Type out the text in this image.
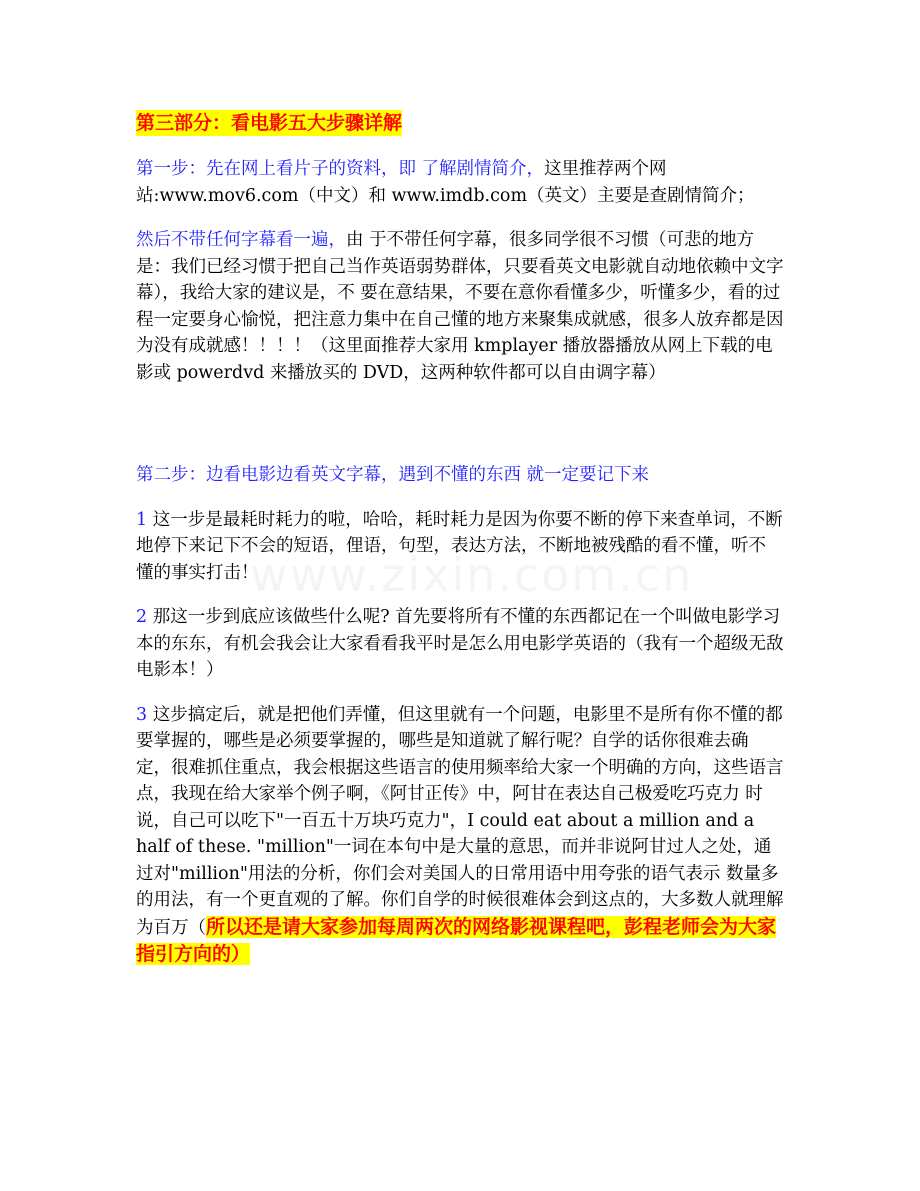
第三部分：看电影五大步骤详解

第一步：先在网上看片子的资料，即 了解剧情简介，这里推荐两个网站:www.mov6.com（中文）和 www.imdb.com（英文）主要是查剧情简介；

然后不带任何字幕看一遍，由 于不带任何字幕，很多同学很不习惯（可悲的地方是：我们已经习惯于把自己当作英语弱势群体，只要看英文电影就自动地依赖中文字幕），我给大家的建议是，不 要在意结果，不要在意你看懂多少，听懂多少，看的过程一定要身心愉悦，把注意力集中在自己懂的地方来聚集成就感，很多人放弃都是因为没有成就感！！！！（这里面推荐大家用 kmplayer 播放器播放从网上下载的电影或 powerdvd 来播放买的 DVD，这两种软件都可以自由调字幕）

第二步：边看电影边看英文字幕，遇到不懂的东西 就一定要记下来

1 这一步是最耗时耗力的啦，哈哈，耗时耗力是因为你要不断的停下来查单词，不断地停下来记下不会的短语，俚语，句型，表达方法，不断地被残酷的看不懂，听不 懂的事实打击！

2 那这一步到底应该做些什么呢? 首先要将所有不懂的东西都记在一个叫做电影学习本的东东，有机会我会让大家看看我平时是怎么用电影学英语的（我有一个超级无敌电影本！）

3 这步搞定后，就是把他们弄懂，但这里就有一个问题，电影里不是所有你不懂的都要掌握的，哪些是必须要掌握的，哪些是知道就了解行呢？自学的话你很难去确 定，很难抓住重点，我会根据这些语言的使用频率给大家一个明确的方向，这些语言点，我现在给大家举个例子啊，《阿甘正传》中，阿甘在表达自己极爱吃巧克力 时说，自己可以吃下"一百五十万块巧克力"，I could eat about a million and a half of these. "million"一词在本句中是大量的意思，而并非说阿甘过人之处，通过对"million"用法的分析，你们会对美国人的日常用语中用夸张的语气表示 数量多的用法，有一个更直观的了解。你们自学的时候很难体会到这点的，大多数人就理解为百万（所以还是请大家参加每周两次的网络影视课程吧，彭程老师会为大家指引方向的）
